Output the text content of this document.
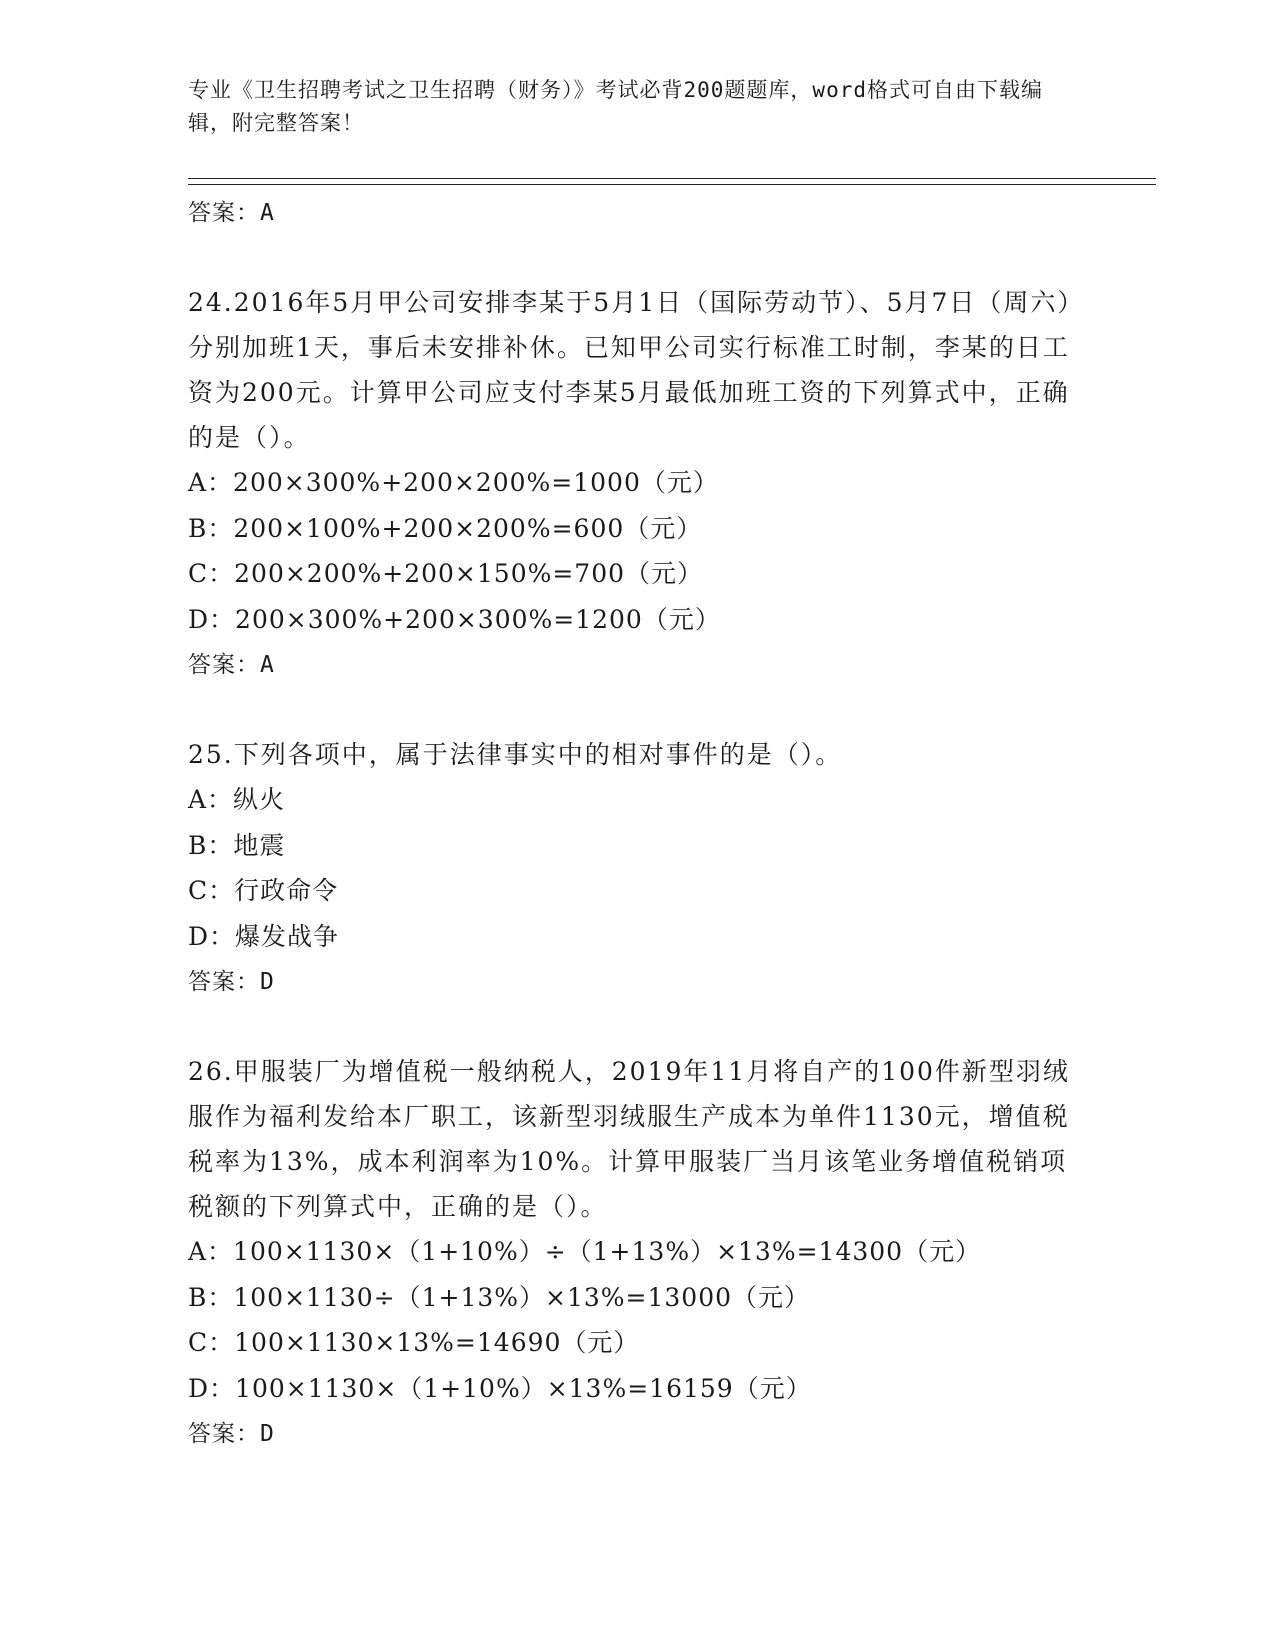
专业《卫生招聘考试之卫生招聘（财务）》考试必背200题题库，word格式可自由下载编辑，附完整答案！

答案：A

24.2016年5月甲公司安排李某于5月1日（国际劳动节）、5月7日（周六）分别加班1天，事后未安排补休。已知甲公司实行标准工时制，李某的日工资为200元。计算甲公司应支付李某5月最低加班工资的下列算式中，正确的是（）。

A：200×300%+200×200%=1000（元）

B：200×100%+200×200%=600（元）

C：200×200%+200×150%=700（元）

D：200×300%+200×300%=1200（元）

答案：A

25.下列各项中，属于法律事实中的相对事件的是（）。

A：纵火

B：地震

C：行政命令

D：爆发战争

答案：D

26.甲服装厂为增值税一般纳税人，2019年11月将自产的100件新型羽绒服作为福利发给本厂职工，该新型羽绒服生产成本为单件1130元，增值税税率为13%，成本利润率为10%。计算甲服装厂当月该笔业务增值税销项税额的下列算式中，正确的是（）。

A：100×1130×（1+10%）÷（1+13%）×13%=14300（元）

B：100×1130÷（1+13%）×13%=13000（元）

C：100×1130×13%=14690（元）

D：100×1130×（1+10%）×13%=16159（元）

答案：D
